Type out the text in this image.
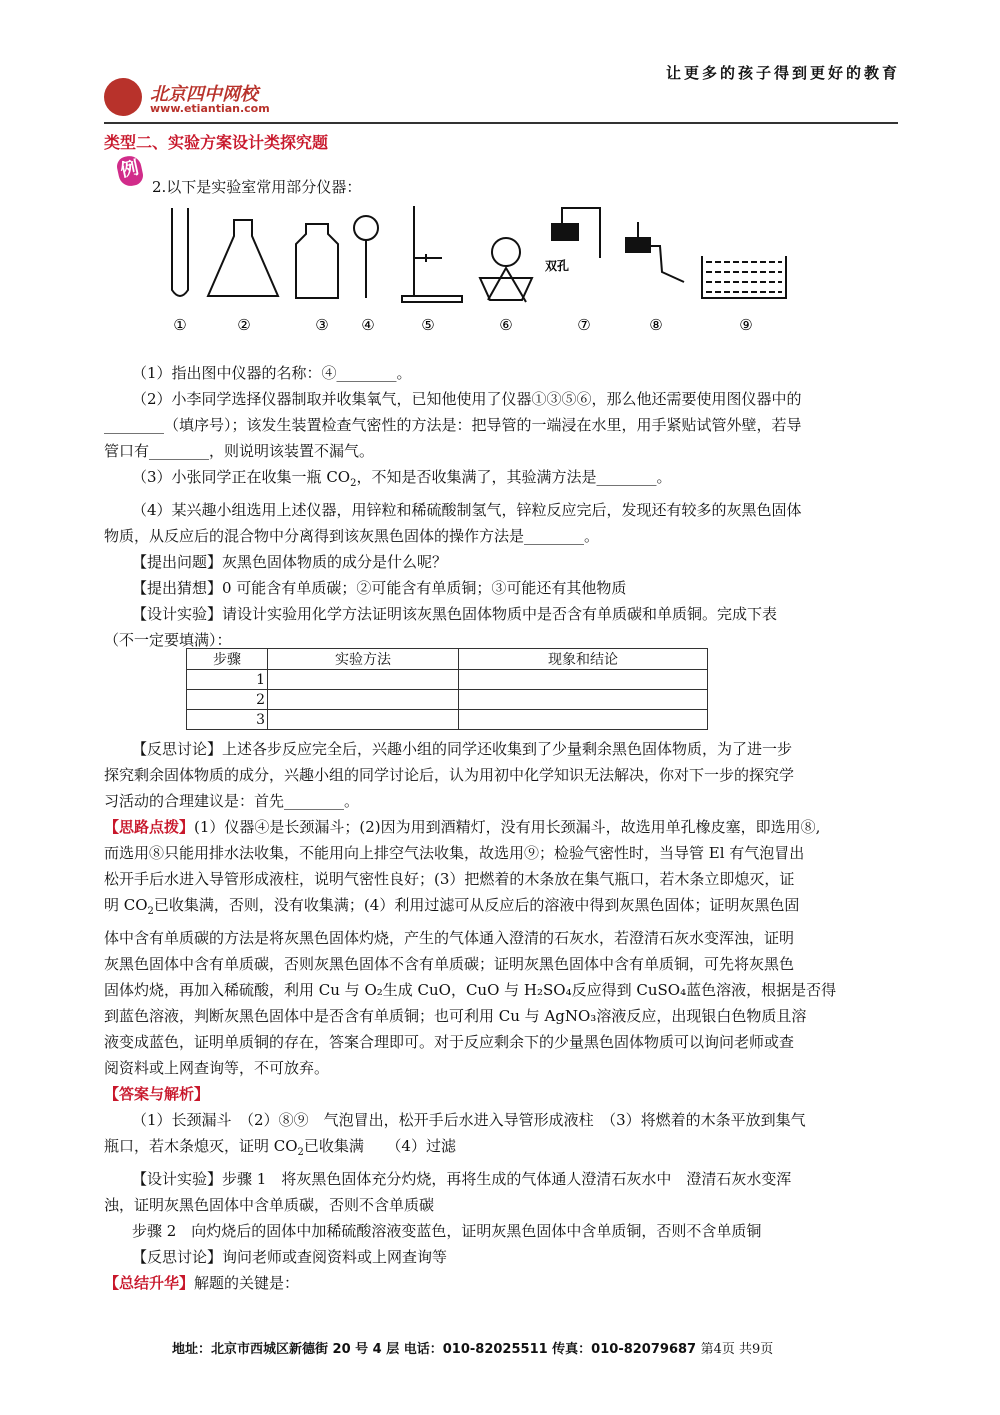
让更多的孩子得到更好的教育
北京四中网校
www.etiantian.com
类型二、实验方案设计类探究题
例
2.以下是实验室常用部分仪器：
双孔
①	②	③ ④	⑤	⑥	⑦	⑧	⑨

（1）指出图中仪器的名称：④________。

（2）小李同学选择仪器制取并收集氧气，已知他使用了仪器①③⑤⑥，那么他还需要使用图仪器中的

________（填序号）；该发生装置检查气密性的方法是：把导管的一端浸在水里，用手紧贴试管外壁，若导

管口有________，则说明该装置不漏气。

（3）小张同学正在收集一瓶 $CO_2$，不知是否收集满了，其验满方法是________。

（4）某兴趣小组选用上述仪器，用锌粒和稀硫酸制氢气，锌粒反应完后，发现还有较多的灰黑色固体

物质，从反应后的混合物中分离得到该灰黑色固体的操作方法是________。

【提出问题】灰黑色固体物质的成分是什么呢？

【提出猜想】0 可能含有单质碳；②可能含有单质铜；③可能还有其他物质

【设计实验】请设计实验用化学方法证明该灰黑色固体物质中是否含有单质碳和单质铜。完成下表

（不一定要填满）：

步骤	实验方法	现象和结论
1		
2		
3		

【反思讨论】上述各步反应完全后，兴趣小组的同学还收集到了少量剩余黑色固体物质，为了进一步

探究剩余固体物质的成分，兴趣小组的同学讨论后，认为用初中化学知识无法解决，你对下一步的探究学

习活动的合理建议是：首先________。

【思路点拨】(1）仪器④是长颈漏斗；(2)因为用到酒精灯，没有用长颈漏斗，故选用单孔橡皮塞，即选用⑧,

而选用⑧只能用排水法收集，不能用向上排空气法收集，故选用⑨；检验气密性时，当导管 El 有气泡冒出

松开手后水进入导管形成液柱，说明气密性良好；(3）把燃着的木条放在集气瓶口，若木条立即熄灭，证

明 $CO_2$已收集满，否则，没有收集满；(4）利用过滤可从反应后的溶液中得到灰黑色固体；证明灰黑色固

体中含有单质碳的方法是将灰黑色固体灼烧，产生的气体通入澄清的石灰水，若澄清石灰水变浑浊，证明

灰黑色固体中含有单质碳，否则灰黑色固体不含有单质碳；证明灰黑色固体中含有单质铜，可先将灰黑色

固体灼烧，再加入稀硫酸，利用 Cu 与 O₂生成 CuO，CuO 与 H₂SO₄反应得到 CuSO₄蓝色溶液，根据是否得

到蓝色溶液，判断灰黑色固体中是否含有单质铜；也可利用 Cu 与 AgNO₃溶液反应，出现银白色物质且溶

液变成蓝色，证明单质铜的存在，答案合理即可。对于反应剩余下的少量黑色固体物质可以询问老师或查

阅资料或上网查询等，不可放弃。

【答案与解析】

（1）长颈漏斗　（2）⑧⑨　气泡冒出，松开手后水进入导管形成液柱　（3）将燃着的木条平放到集气

瓶口，若木条熄灭，证明 $CO_2$已收集满　　（4）过滤

【设计实验】步骤 1　将灰黑色固体充分灼烧，再将生成的气体通人澄清石灰水中　澄清石灰水变浑

浊，证明灰黑色固体中含单质碳，否则不含单质碳

步骤 2　向灼烧后的固体中加稀硫酸溶液变蓝色，证明灰黑色固体中含单质铜，否则不含单质铜

【反思讨论】询问老师或查阅资料或上网查询等

【总结升华】解题的关键是：

地址：北京市西城区新德街 20 号 4 层 电话：010-82025511 传真：010-82079687 第4页 共9页
